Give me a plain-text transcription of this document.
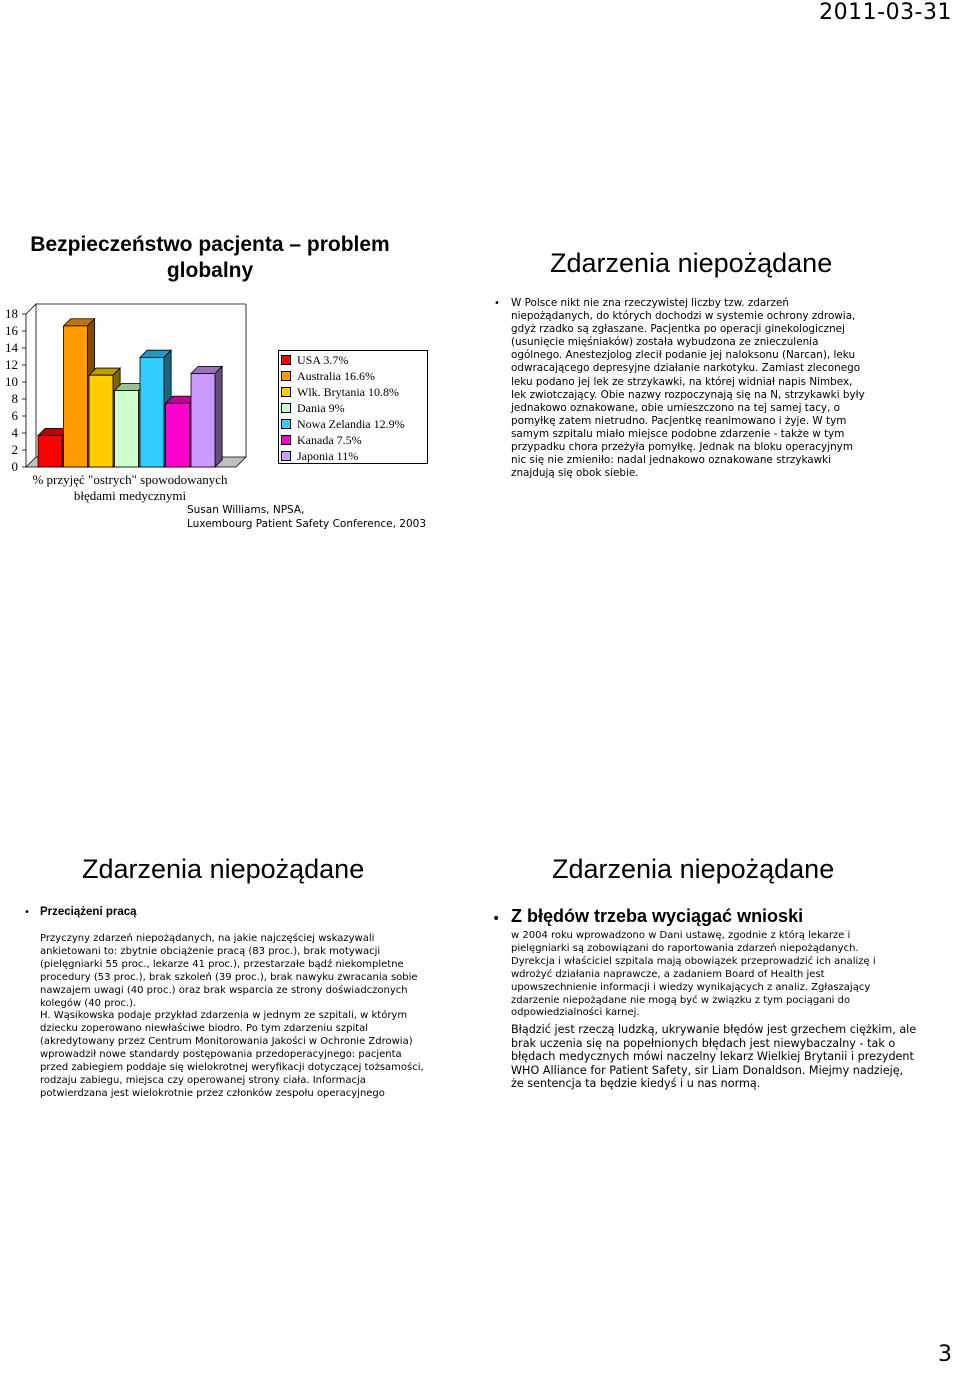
2011-03-31
Bezpieczeństwo pacjenta – problem
globalny
0
2
4
6
8
10
12
14
16
18
USA 3.7%
Australia 16.6%
Wlk. Brytania 10.8%
Dania 9%
Nowa Zelandia 12.9%
Kanada 7.5%
Japonia 11%
% przyjęć "ostrych" spowodowanych
błędami medycznymi
Susan Williams, NPSA,
Luxembourg Patient Safety Conference, 2003
Zdarzenia niepożądane
• W Polsce nikt nie zna rzeczywistej liczby tzw. zdarzeń
niepożądanych, do których dochodzi w systemie ochrony zdrowia,
gdyż rzadko są zgłaszane. Pacjentka po operacji ginekologicznej
(usunięcie mięśniaków) została wybudzona ze znieczulenia
ogólnego. Anestezjolog zlecił podanie jej naloksonu (Narcan), leku
odwracającego depresyjne działanie narkotyku. Zamiast zleconego
leku podano jej lek ze strzykawki, na której widniał napis Nimbex,
lek zwiotczający. Obie nazwy rozpoczynają się na N, strzykawki były
jednakowo oznakowane, obie umieszczono na tej samej tacy, o
pomyłkę zatem nietrudno. Pacjentkę reanimowano i żyje. W tym
samym szpitalu miało miejsce podobne zdarzenie - także w tym
przypadku chora przeżyła pomyłkę. Jednak na bloku operacyjnym
nic się nie zmieniło: nadal jednakowo oznakowane strzykawki
znajdują się obok siebie.
Zdarzenia niepożądane
• Przeciążeni pracą
Przyczyny zdarzeń niepożądanych, na jakie najczęściej wskazywali
ankietowani to: zbytnie obciążenie pracą (83 proc.), brak motywacji
(pielęgniarki 55 proc., lekarze 41 proc.), przestarzałe bądź niekompletne
procedury (53 proc.), brak szkoleń (39 proc.), brak nawyku zwracania sobie
nawzajem uwagi (40 proc.) oraz brak wsparcia ze strony doświadczonych
kolegów (40 proc.).
H. Wąsikowska podaje przykład zdarzenia w jednym ze szpitali, w którym
dziecku zoperowano niewłaściwe biodro. Po tym zdarzeniu szpital
(akredytowany przez Centrum Monitorowania Jakości w Ochronie Zdrowia)
wprowadził nowe standardy postępowania przedoperacyjnego: pacjenta
przed zabiegiem poddaje się wielokrotnej weryfikacji dotyczącej tożsamości,
rodzaju zabiegu, miejsca czy operowanej strony ciała. Informacja
potwierdzana jest wielokrotnie przez członków zespołu operacyjnego
Zdarzenia niepożądane
• Z błędów trzeba wyciągać wnioski
w 2004 roku wprowadzono w Dani ustawę, zgodnie z którą lekarze i
pielęgniarki są zobowiązani do raportowania zdarzeń niepożądanych.
Dyrekcja i właściciel szpitala mają obowiązek przeprowadzić ich analizę i
wdrożyć działania naprawcze, a zadaniem Board of Health jest
upowszechnienie informacji i wiedzy wynikających z analiz. Zgłaszający
zdarzenie niepożądane nie mogą być w związku z tym pociągani do
odpowiedzialności karnej.
Błądzić jest rzeczą ludzką, ukrywanie błędów jest grzechem ciężkim, ale
brak uczenia się na popełnionych błędach jest niewybaczalny - tak o
błędach medycznych mówi naczelny lekarz Wielkiej Brytanii i prezydent
WHO Alliance for Patient Safety, sir Liam Donaldson. Miejmy nadzieję,
że sentencja ta będzie kiedyś i u nas normą.
3
